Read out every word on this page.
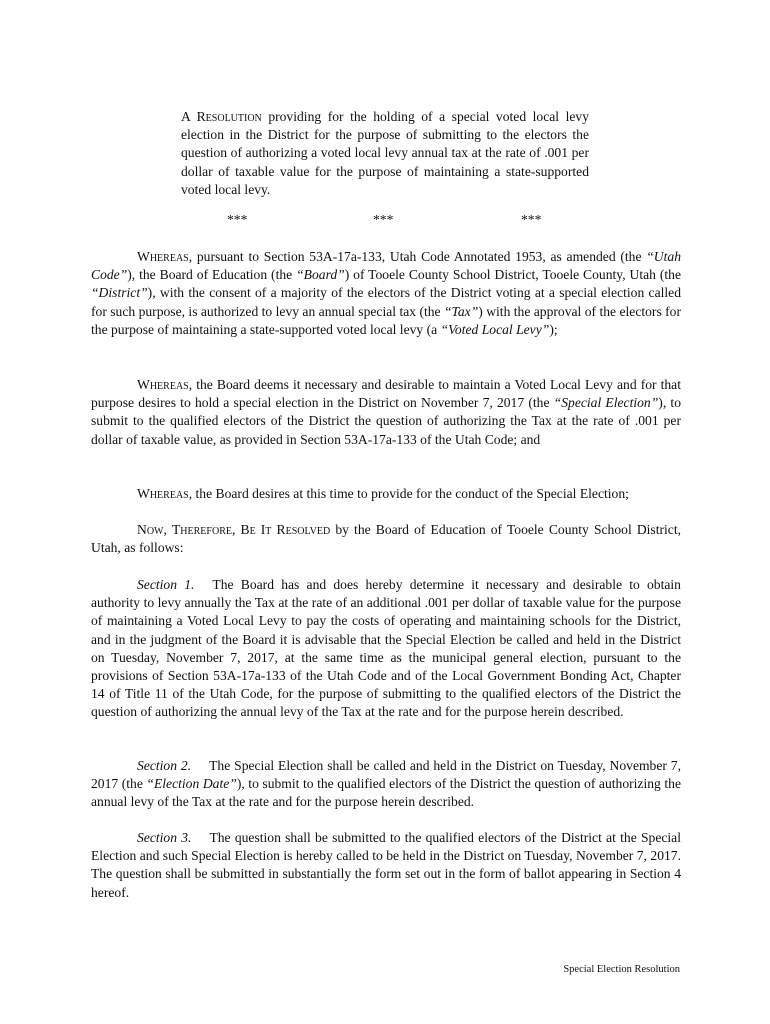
A Resolution providing for the holding of a special voted local levy election in the District for the purpose of submitting to the electors the question of authorizing a voted local levy annual tax at the rate of .001 per dollar of taxable value for the purpose of maintaining a state-supported voted local levy.
***	***	***

Whereas, pursuant to Section 53A-17a-133, Utah Code Annotated 1953, as amended (the “Utah Code”), the Board of Education (the “Board”) of Tooele County School District, Tooele County, Utah (the “District”), with the consent of a majority of the electors of the District voting at a special election called for such purpose, is authorized to levy an annual special tax (the “Tax”) with the approval of the electors for the purpose of maintaining a state-supported voted local levy (a “Voted Local Levy”);

Whereas, the Board deems it necessary and desirable to maintain a Voted Local Levy and for that purpose desires to hold a special election in the District on November 7, 2017 (the “Special Election”), to submit to the qualified electors of the District the question of authorizing the Tax at the rate of .001 per dollar of taxable value, as provided in Section 53A-17a-133 of the Utah Code; and

Whereas, the Board desires at this time to provide for the conduct of the Special Election;

Now, Therefore, Be It Resolved by the Board of Education of Tooele County School District, Utah, as follows:

Section 1. The Board has and does hereby determine it necessary and desirable to obtain authority to levy annually the Tax at the rate of an additional .001 per dollar of taxable value for the purpose of maintaining a Voted Local Levy to pay the costs of operating and maintaining schools for the District, and in the judgment of the Board it is advisable that the Special Election be called and held in the District on Tuesday, November 7, 2017, at the same time as the municipal general election, pursuant to the provisions of Section 53A-17a-133 of the Utah Code and of the Local Government Bonding Act, Chapter 14 of Title 11 of the Utah Code, for the purpose of submitting to the qualified electors of the District the question of authorizing the annual levy of the Tax at the rate and for the purpose herein described.

Section 2. The Special Election shall be called and held in the District on Tuesday, November 7, 2017 (the “Election Date”), to submit to the qualified electors of the District the question of authorizing the annual levy of the Tax at the rate and for the purpose herein described.

Section 3. The question shall be submitted to the qualified electors of the District at the Special Election and such Special Election is hereby called to be held in the District on Tuesday, November 7, 2017. The question shall be submitted in substantially the form set out in the form of ballot appearing in Section 4 hereof.

Special Election Resolution
